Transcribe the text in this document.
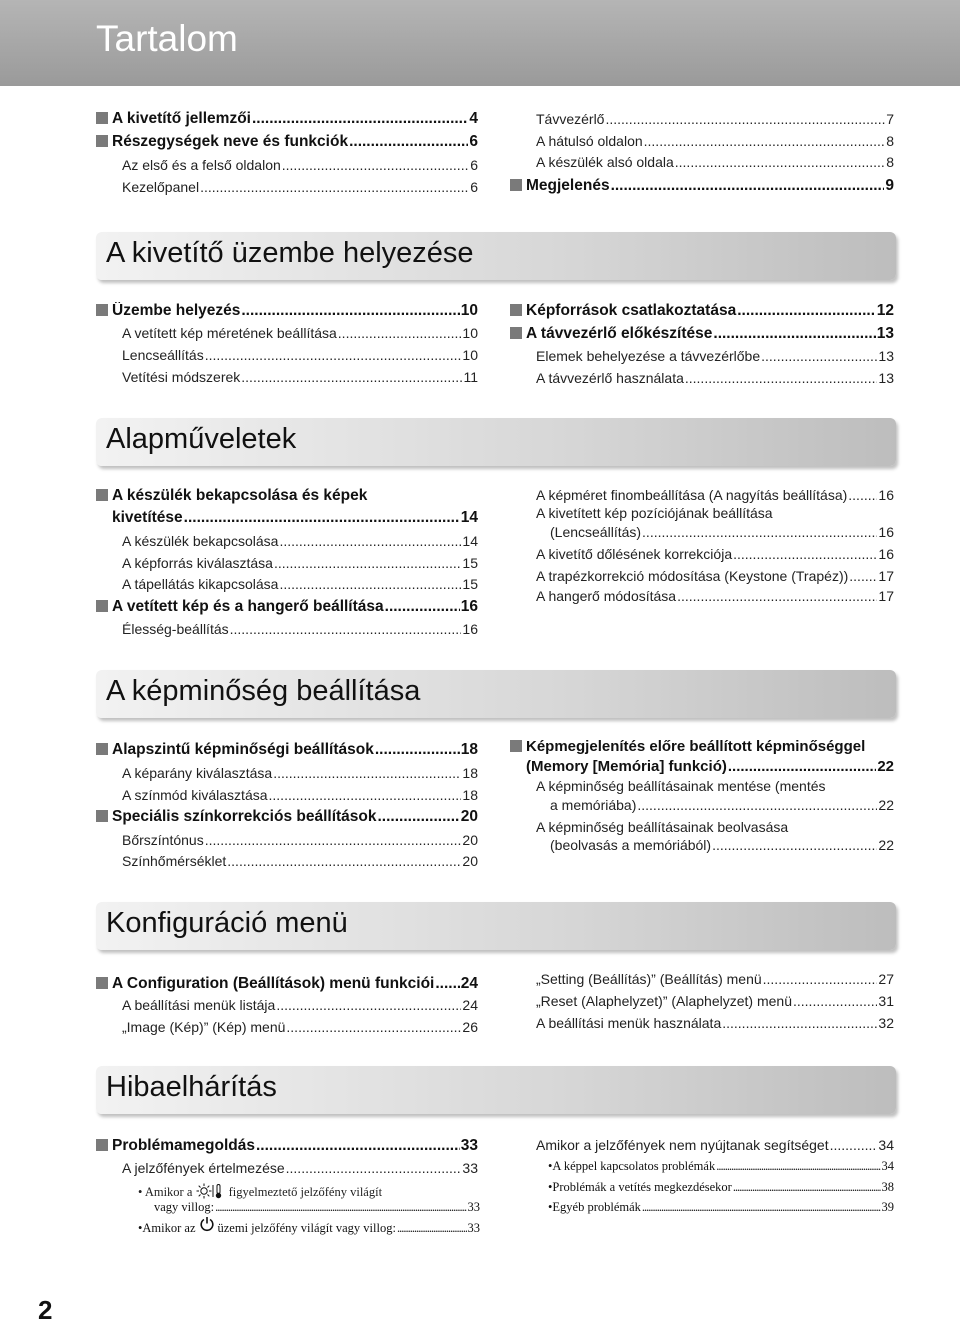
Tartalom
A kivetítő jellemzői .....	4
Részegységek neve és funkciók .....	6
Az első és a felső oldalon .....	6
Kezelőpanel .....	6
Távvezérlő .....	7
A hátulsó oldalon .....	8
A készülék alsó oldala .....	8
Megjelenés .....	9
A kivetítő üzembe helyezése
Üzembe helyezés .....	10
A vetített kép méretének beállítása .....	10
Lencseállítás .....	10
Vetítési módszerek .....	11
Képforrások csatlakoztatása .....	12
A távvezérlő előkészítése .....	13
Elemek behelyezése a távvezérlőbe .....	13
A távvezérlő használata .....	13
Alapműveletek
A készülék bekapcsolása és képek
kivetítése .....	14
A készülék bekapcsolása .....	14
A képforrás kiválasztása .....	15
A tápellátás kikapcsolása .....	15
A vetített kép és a hangerő beállítása .....	16
Élesség-beállítás .....	16
A képméret finombeállítása (A nagyítás beállítása) ..... 16
A kivetített kép pozíciójának beállítása
(Lencseállítás) .....	16
A kivetítő dőlésének korrekciója .....	16
A trapézkorrekció módosítása (Keystone (Trapéz)) ..... 17
A hangerő módosítása .....	17
A képminőség beállítása
Alapszintű képminőségi beállítások .....	18
A képarány kiválasztása .....	18
A színmód kiválasztása .....	18
Speciális színkorrekciós beállítások .....	20
Bőrszíntónus .....	20
Színhőmérséklet .....	20
Képmegjelenítés előre beállított képminőséggel
(Memory [Memória] funkció) .....	22
A képminőség beállításainak mentése (mentés
a memóriába) .....	22
A képminőség beállításainak beolvasása
(beolvasás a memóriából) .....	22
Konfiguráció menü
A Configuration (Beállítások) menü funkciói ..... 24
A beállítási menük listája .....	24
„Image (Kép)” (Kép) menü .....	26
„Setting (Beállítás)” (Beállítás) menü .....	27
„Reset (Alaphelyzet)” (Alaphelyzet) menü .....	31
A beállítási menük használata .....	32
Hibaelhárítás
Problémamegoldás .....	33
A jelzőfények értelmezése .....	33
• Amikor a	figyelmeztető jelzőfény világít
vagy villog: .....	33
• Amikor az üzemi jelzőfény világít vagy villog: .....	33
Amikor a jelzőfények nem nyújtanak segítséget .....	34
• A képpel kapcsolatos problémák .....	34
• Problémák a vetítés megkezdésekor .....	38
• Egyéb problémák .....	39
2
